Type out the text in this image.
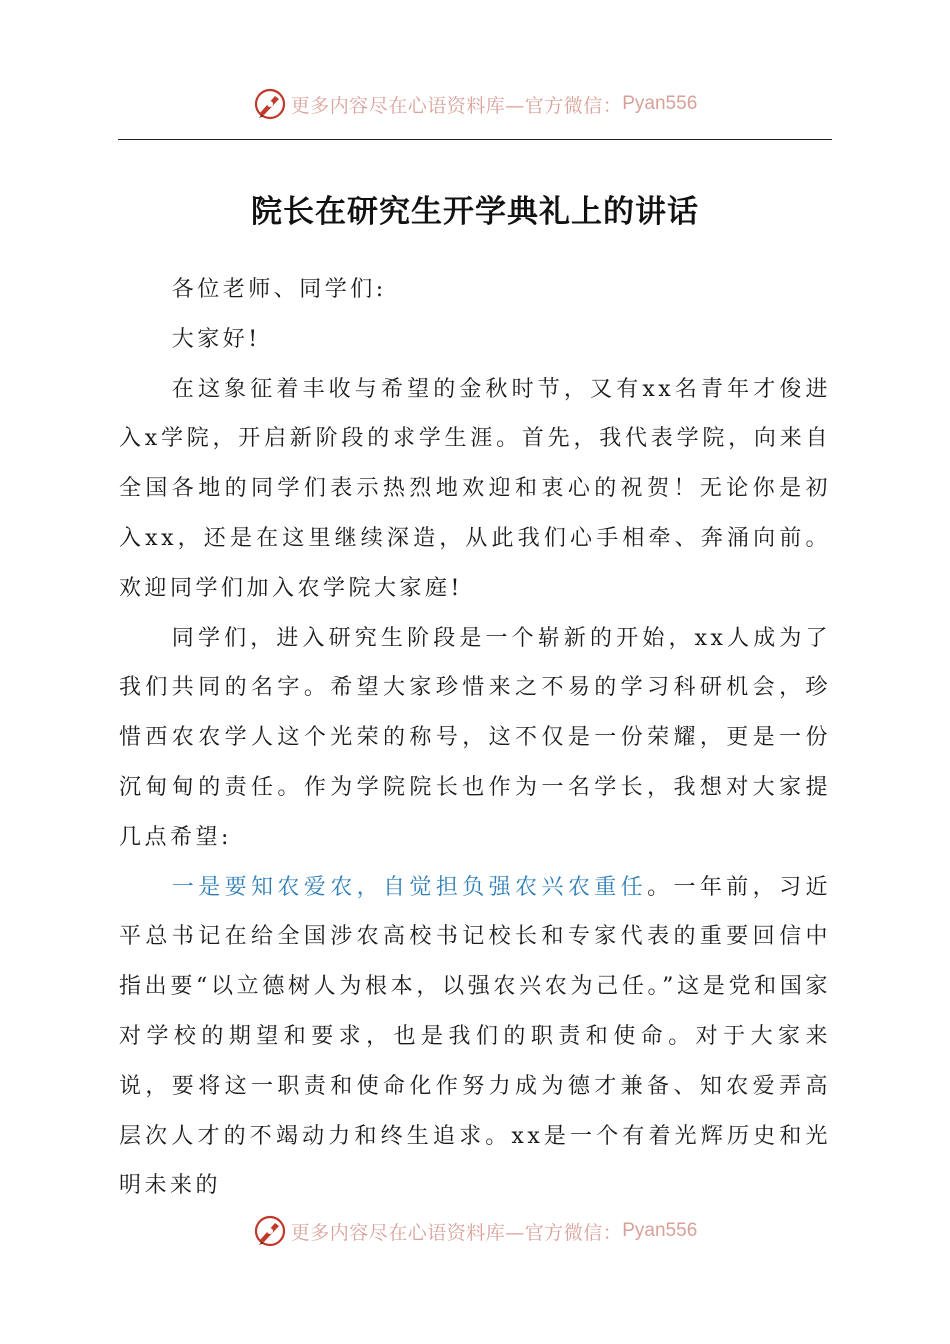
更多内容尽在心语资料库—官方微信： Pyan556
院长在研究生开学典礼上的讲话

各位老师、同学们:

大家好!

在这象征着丰收与希望的金秋时节，又有xx名青年才俊进入x学院，开启新阶段的求学生涯。首先，我代表学院，向来自全国各地的同学们表示热烈地欢迎和衷心的祝贺！无论你是初入xx，还是在这里继续深造，从此我们心手相牵、奔涌向前。欢迎同学们加入农学院大家庭!

同学们，进入研究生阶段是一个崭新的开始，xx人成为了我们共同的名字。希望大家珍惜来之不易的学习科研机会，珍惜西农农学人这个光荣的称号，这不仅是一份荣耀，更是一份沉甸甸的责任。作为学院院长也作为一名学长，我想对大家提几点希望:

一是要知农爱农，自觉担负强农兴农重任。一年前，习近平总书记在给全国涉农高校书记校长和专家代表的重要回信中指出要“以立德树人为根本，以强农兴农为己任。”这是党和国家对学校的期望和要求，也是我们的职责和使命。对于大家来说，要将这一职责和使命化作努力成为德才兼备、知农爱弄高层次人才的不竭动力和终生追求。xx是一个有着光辉历史和光明未来的

更多内容尽在心语资料库—官方微信： Pyan556
